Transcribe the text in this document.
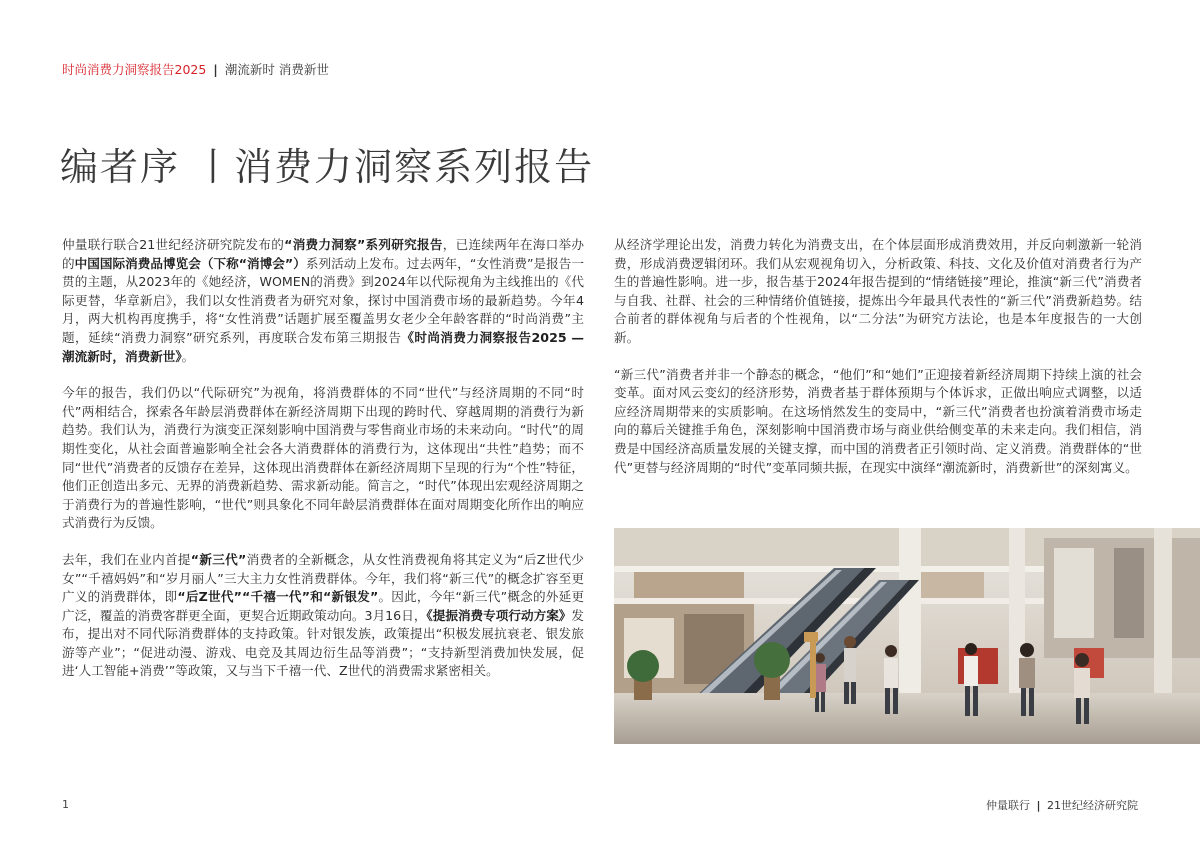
时尚消费力洞察报告2025 | 潮流新时 消费新世
编者序 丨消费力洞察系列报告

仲量联行联合21世纪经济研究院发布的“消费力洞察”系列研究报告，已连续两年在海口举办的中国国际消费品博览会（下称“消博会”）系列活动上发布。过去两年，“女性消费”是报告一贯的主题，从2023年的《她经济，WOMEN的消费》到2024年以代际视角为主线推出的《代际更替，华章新启》，我们以女性消费者为研究对象，探讨中国消费市场的最新趋势。今年4月，两大机构再度携手，将“女性消费”话题扩展至覆盖男女老少全年龄客群的“时尚消费”主题，延续“消费力洞察”研究系列，再度联合发布第三期报告《时尚消费力洞察报告2025 — 潮流新时，消费新世》。

今年的报告，我们仍以“代际研究”为视角，将消费群体的不同“世代”与经济周期的不同“时代”两相结合，探索各年龄层消费群体在新经济周期下出现的跨时代、穿越周期的消费行为新趋势。我们认为，消费行为演变正深刻影响中国消费与零售商业市场的未来动向。“时代”的周期性变化，从社会面普遍影响全社会各大消费群体的消费行为，这体现出“共性”趋势；而不同“世代”消费者的反馈存在差异，这体现出消费群体在新经济周期下呈现的行为“个性”特征，他们正创造出多元、无界的消费新趋势、需求新动能。简言之，“时代”体现出宏观经济周期之于消费行为的普遍性影响，“世代”则具象化不同年龄层消费群体在面对周期变化所作出的响应式消费行为反馈。

去年，我们在业内首提“新三代”消费者的全新概念，从女性消费视角将其定义为“后Z世代少女”“千禧妈妈”和“岁月丽人”三大主力女性消费群体。今年，我们将“新三代”的概念扩容至更广义的消费群体，即“后Z世代”“千禧一代”和“新银发”。因此，今年“新三代”概念的外延更广泛，覆盖的消费客群更全面，更契合近期政策动向。3月16日，《提振消费专项行动方案》发布，提出对不同代际消费群体的支持政策。针对银发族，政策提出“积极发展抗衰老、银发旅游等产业”；“促进动漫、游戏、电竞及其周边衍生品等消费”；“支持新型消费加快发展，促进‘人工智能+消费’”等政策，又与当下千禧一代、Z世代的消费需求紧密相关。

从经济学理论出发，消费力转化为消费支出，在个体层面形成消费效用，并反向刺激新一轮消费，形成消费逻辑闭环。我们从宏观视角切入，分析政策、科技、文化及价值对消费者行为产生的普遍性影响。进一步，报告基于2024年报告提到的“情绪链接”理论，推演“新三代”消费者与自我、社群、社会的三种情绪价值链接，提炼出今年最具代表性的“新三代”消费新趋势。结合前者的群体视角与后者的个性视角，以“二分法”为研究方法论，也是本年度报告的一大创新。

“新三代”消费者并非一个静态的概念，“他们”和“她们”正迎接着新经济周期下持续上演的社会变革。面对风云变幻的经济形势，消费者基于群体预期与个体诉求，正做出响应式调整，以适应经济周期带来的实质影响。在这场悄然发生的变局中，“新三代”消费者也扮演着消费市场走向的幕后关键推手角色，深刻影响中国消费市场与商业供给侧变革的未来走向。我们相信，消费是中国经济高质量发展的关键支撑，而中国的消费者正引领时尚、定义消费。消费群体的“世代”更替与经济周期的“时代”变革同频共振，在现实中演绎“潮流新时，消费新世”的深刻寓义。

1	仲量联行 | 21世纪经济研究院
